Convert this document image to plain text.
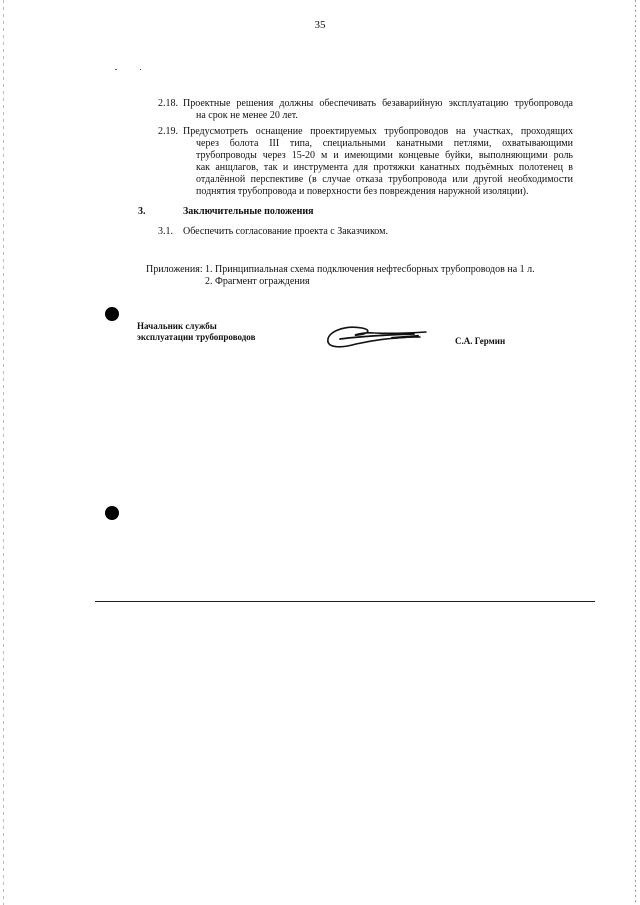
35
2.18. Проектные решения должны обеспечивать безаварийную эксплуатацию трубопровода
на срок не менее 20 лет.
2.19. Предусмотреть оснащение проектируемых трубопроводов на участках, проходящих
через болота III типа, специальными канатными петлями, охватывающими
трубопроводы через 15-20 м и имеющими концевые буйки, выполняющими роль
как анщлагов, так и инструмента для протяжки канатных подъёмных полотенец в
отдалённой перспективе (в случае отказа трубопровода или другой необходимости
поднятия трубопровода и поверхности без повреждения наружной изоляции).
3.	Заключительные положения
3.1. Обеспечить согласование проекта с Заказчиком.
Приложения: 1. Принципиальная схема подключения нефтесборных трубопроводов на 1 л.
2. Фрагмент ограждения
Начальник службы
эксплуатации трубопроводов	С.А. Гермин
